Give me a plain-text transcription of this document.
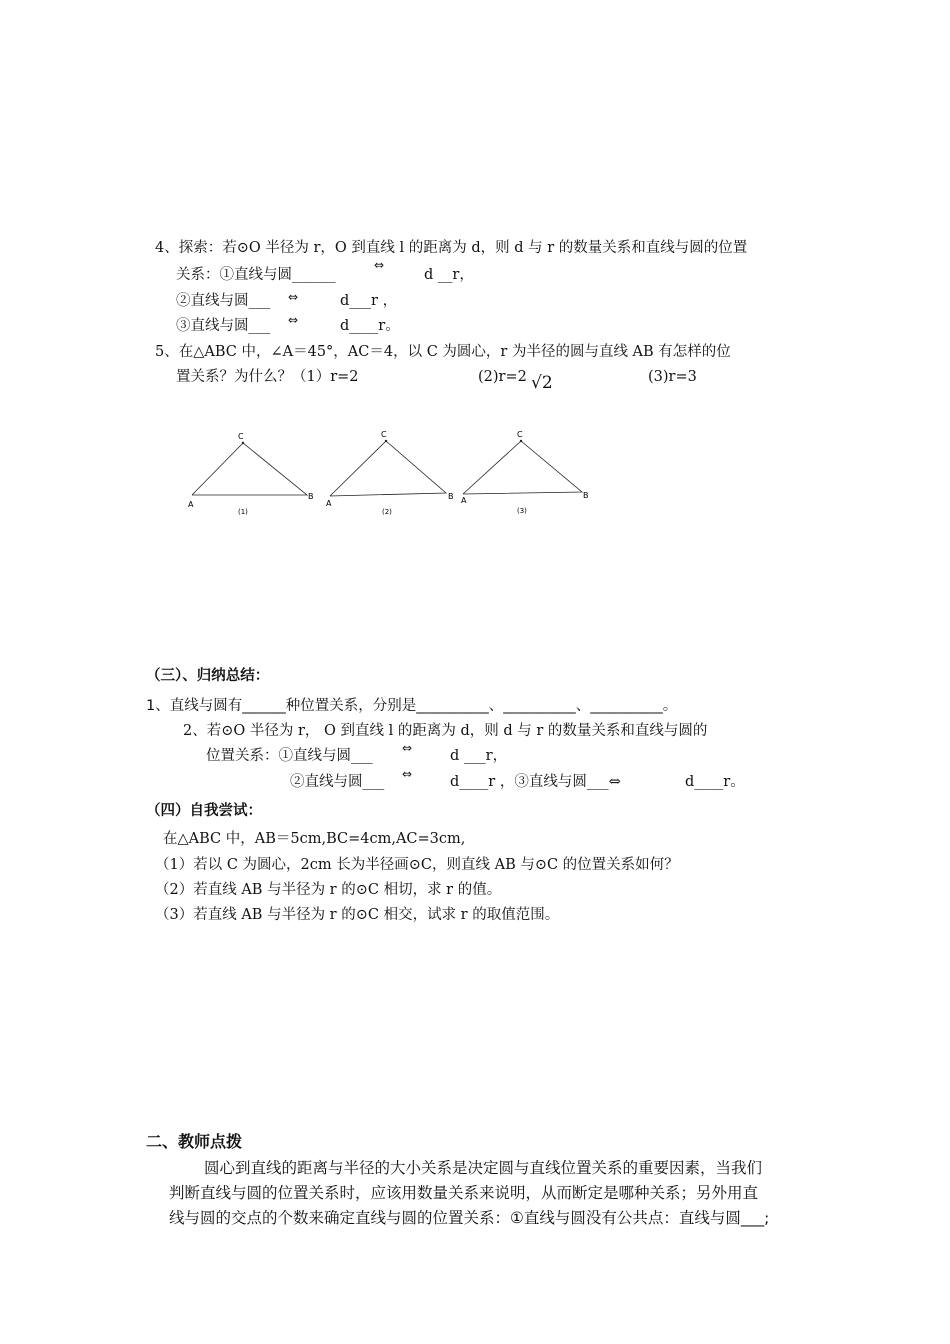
4、探索：若⊙O 半径为 r，O 到直线 l 的距离为 d，则 d 与 r 的数量关系和直线与圆的位置
关系：①直线与圆______
⇔
d __r，
②直线与圆___ ⇔	d___r ，
③直线与圆___ ⇔	d____r。
5、在△ABC 中，∠A＝45°，AC＝4，以 C 为圆心，r 为半径的圆与直线 AB 有怎样的位
置关系？为什么？（1）r=2	(2)r=2 √2	(3)r=3
C
A
B
(1)
C
A
B
(2)
C
A
B
(3)
（三）、归纳总结：
1、直线与圆有______种位置关系，分别是__________、__________、__________。
2、若⊙O 半径为 r， O 到直线 l 的距离为 d，则 d 与 r 的数量关系和直线与圆的
位置关系：①直线与圆___ ⇔	d ___r，
②直线与圆___ ⇔	d____r ，③直线与圆___⇔	d____r。
（四）自我尝试：
在△ABC 中，AB＝5cm,BC=4cm,AC=3cm,
（1）若以 C 为圆心，2cm 长为半径画⊙C，则直线 AB 与⊙C 的位置关系如何？
（2）若直线 AB 与半径为 r 的⊙C 相切，求 r 的值。
（3）若直线 AB 与半径为 r 的⊙C 相交，试求 r 的取值范围。
二、教师点拨
圆心到直线的距离与半径的大小关系是决定圆与直线位置关系的重要因素，当我们
判断直线与圆的位置关系时，应该用数量关系来说明，从而断定是哪种关系；另外用直
线与圆的交点的个数来确定直线与圆的位置关系：①直线与圆没有公共点：直线与圆___;
